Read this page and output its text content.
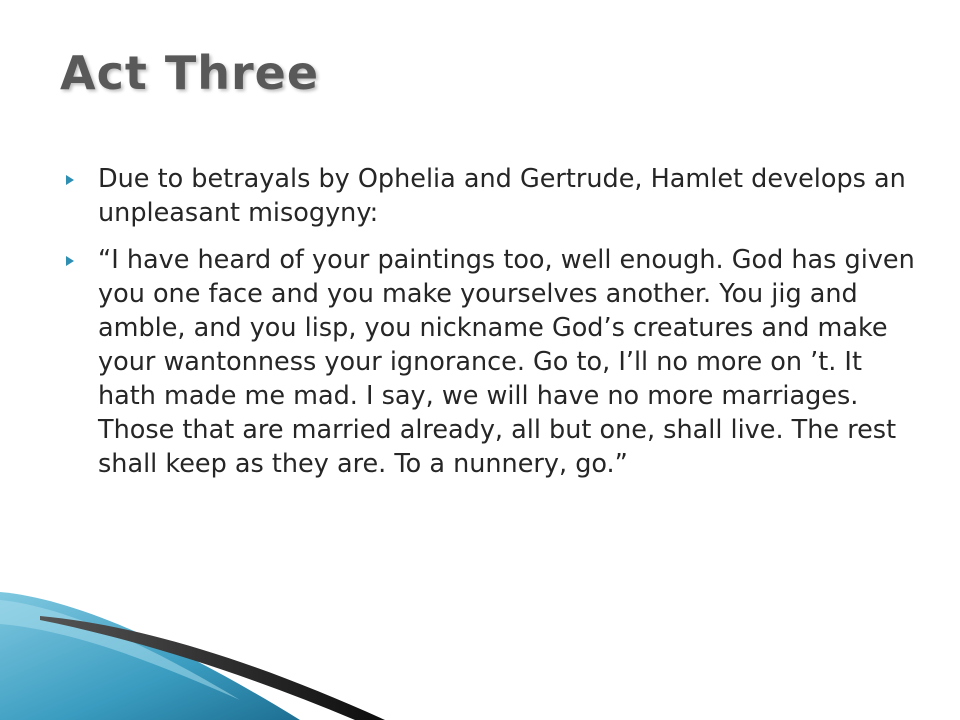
Act Three
Due to betrayals by Ophelia and Gertrude, Hamlet develops an unpleasant misogyny:
“I have heard of your paintings too, well enough. God has given you one face and you make yourselves another. You jig and amble, and you lisp, you nickname God’s creatures and make your wantonness your ignorance. Go to, I’ll no more on ’t. It hath made me mad. I say, we will have no more marriages. Those that are married already, all but one, shall live. The rest shall keep as they are. To a nunnery, go.”
